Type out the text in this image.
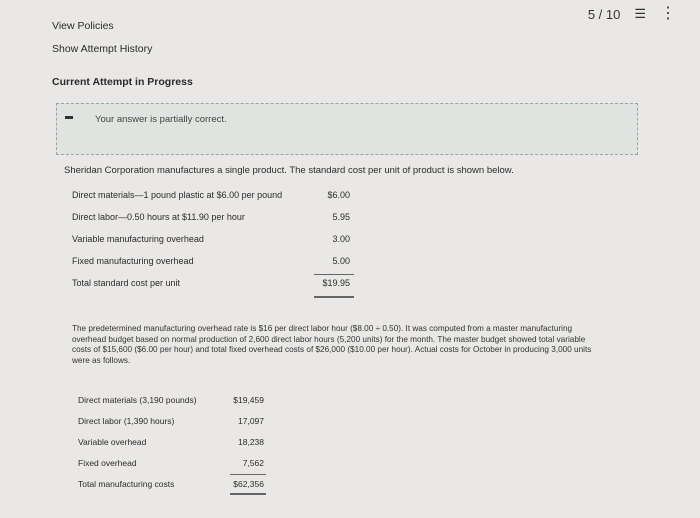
5 / 10 ☰ ⋮
View Policies
Show Attempt History
Current Attempt in Progress
Your answer is partially correct.
Sheridan Corporation manufactures a single product. The standard cost per unit of product is shown below.
Direct materials—1 pound plastic at $6.00 per pound	$6.00
Direct labor—0.50 hours at $11.90 per hour	5.95
Variable manufacturing overhead	3.00
Fixed manufacturing overhead	5.00
Total standard cost per unit	$19.95
The predetermined manufacturing overhead rate is $16 per direct labor hour ($8.00 ÷ 0.50). It was computed from a master manufacturing overhead budget based on normal production of 2,600 direct labor hours (5,200 units) for the month. The master budget showed total variable costs of $15,600 ($6.00 per hour) and total fixed overhead costs of $26,000 ($10.00 per hour). Actual costs for October in producing 3,000 units were as follows.
Direct materials (3,190 pounds)	$19,459
Direct labor (1,390 hours)	17,097
Variable overhead	18,238
Fixed overhead	7,562
Total manufacturing costs	$62,356
